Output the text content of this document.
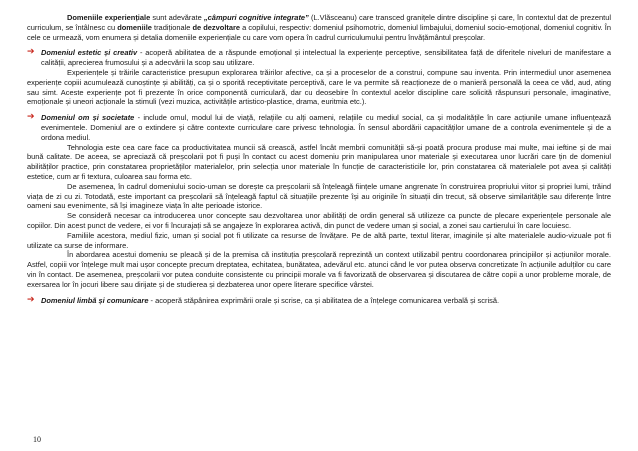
Domeniile experiențiale sunt adevărate „câmpuri cognitive integrate” (L.Vlăsceanu) care transced granițele dintre discipline și care, în contextul dat de prezentul curriculum, se întâlnesc cu domeniile tradiționale de dezvoltare a copilului, respectiv: domeniul psihomotric, domeniul limbajului, domeniul socio-emoțional, domeniul cognitiv. În cele ce urmează, vom enumera și detalia domeniile experiențiale cu care vom opera în cadrul curriculumului pentru învățământul preșcolar.

➔ Domeniul estetic și creativ - acoperă abilitatea de a răspunde emoțional și intelectual la experiențe perceptive, sensibilitatea față de diferitele niveluri de manifestare a calității, aprecierea frumosului și a adecvării la scop sau utilizare.

Experiențele și trăirile caracteristice presupun explorarea trăirilor afective, ca și a proceselor de a construi, compune sau inventa. Prin intermediul unor asemenea experiențe copiii acumulează cunoștințe și abilități, ca și o sporită receptivitate perceptivă, care le va permite să reacționeze de o manieră personală la ceea ce văd, aud, ating sau simt. Aceste experiențe pot fi prezente în orice componentă curriculară, dar cu deosebire în contextul acelor discipline care solicită răspunsuri personale, imaginative, emoționale și uneori acționale la stimuli (vezi muzica, activitățile artistico-plastice, drama, euritmia etc.).

➔ Domeniul om și societate - include omul, modul lui de viață, relațiile cu alți oameni, relațiile cu mediul social, ca și modalitățile în care acțiunile umane influențează evenimentele. Domeniul are o extindere și către contexte curriculare care privesc tehnologia. În sensul abordării capacităților umane de a controla evenimentele și de a ordona mediul.

Tehnologia este cea care face ca productivitatea muncii să crească, astfel încât membrii comunității să-și poată procura produse mai multe, mai ieftine și de mai bună calitate. De aceea, se apreciază că preșcolarii pot fi puși în contact cu acest domeniu prin manipularea unor materiale și executarea unor lucrări care țin de domeniul abilităților practice, prin constatarea proprietăților materialelor, prin selecția unor materiale în funcție de caracteristicile lor, prin constatarea că materialele pot avea și calități estetice, cum ar fi textura, culoarea sau forma etc.

De asemenea, în cadrul domeniului socio-uman se dorește ca preșcolarii să înțeleagă ființele umane angrenate în construirea propriului viitor și propriei lumi, trăind viața de zi cu zi. Totodată, este important ca preșcolarii să înțeleagă faptul că situațiile prezente își au originile în situații din trecut, să observe similaritățile sau diferențe între oameni sau evenimente, să își imagineze viața în alte perioade istorice.

Se consideră necesar ca introducerea unor concepte sau dezvoltarea unor abilități de ordin general să utilizeze ca puncte de plecare experiențele personale ale copiilor. Din acest punct de vedere, ei vor fi încurajați să se angajeze în explorarea activă, din punct de vedere uman și social, a zonei sau cartierului în care locuiesc.

Familiile acestora, mediul fizic, uman și social pot fi utilizate ca resurse de învățare. Pe de altă parte, textul literar, imaginile și alte materialele audio-vizuale pot fi utilizate ca surse de informare.

În abordarea acestui domeniu se pleacă și de la premisa că instituția preșcolară reprezintă un context utilizabil pentru coordonarea principiilor și acțiunilor morale. Astfel, copiii vor înțelege mult mai ușor concepte precum dreptatea, echitatea, bunătatea, adevărul etc. atunci când le vor putea observa concretizate în acțiunile adulților cu care vin în contact. De asemenea, preșcolarii vor putea conduite consistente cu principii morale va fi favorizată de observarea și discutarea de către copii a unor probleme morale, de exersarea lor în jocuri libere sau dirijate și de studierea și dezbaterea unor opere literare specifice vârstei.

➔ Domeniul limbă și comunicare - acoperă stăpânirea exprimării orale și scrise, ca și abilitatea de a înțelege comunicarea verbală și scrisă.
10
